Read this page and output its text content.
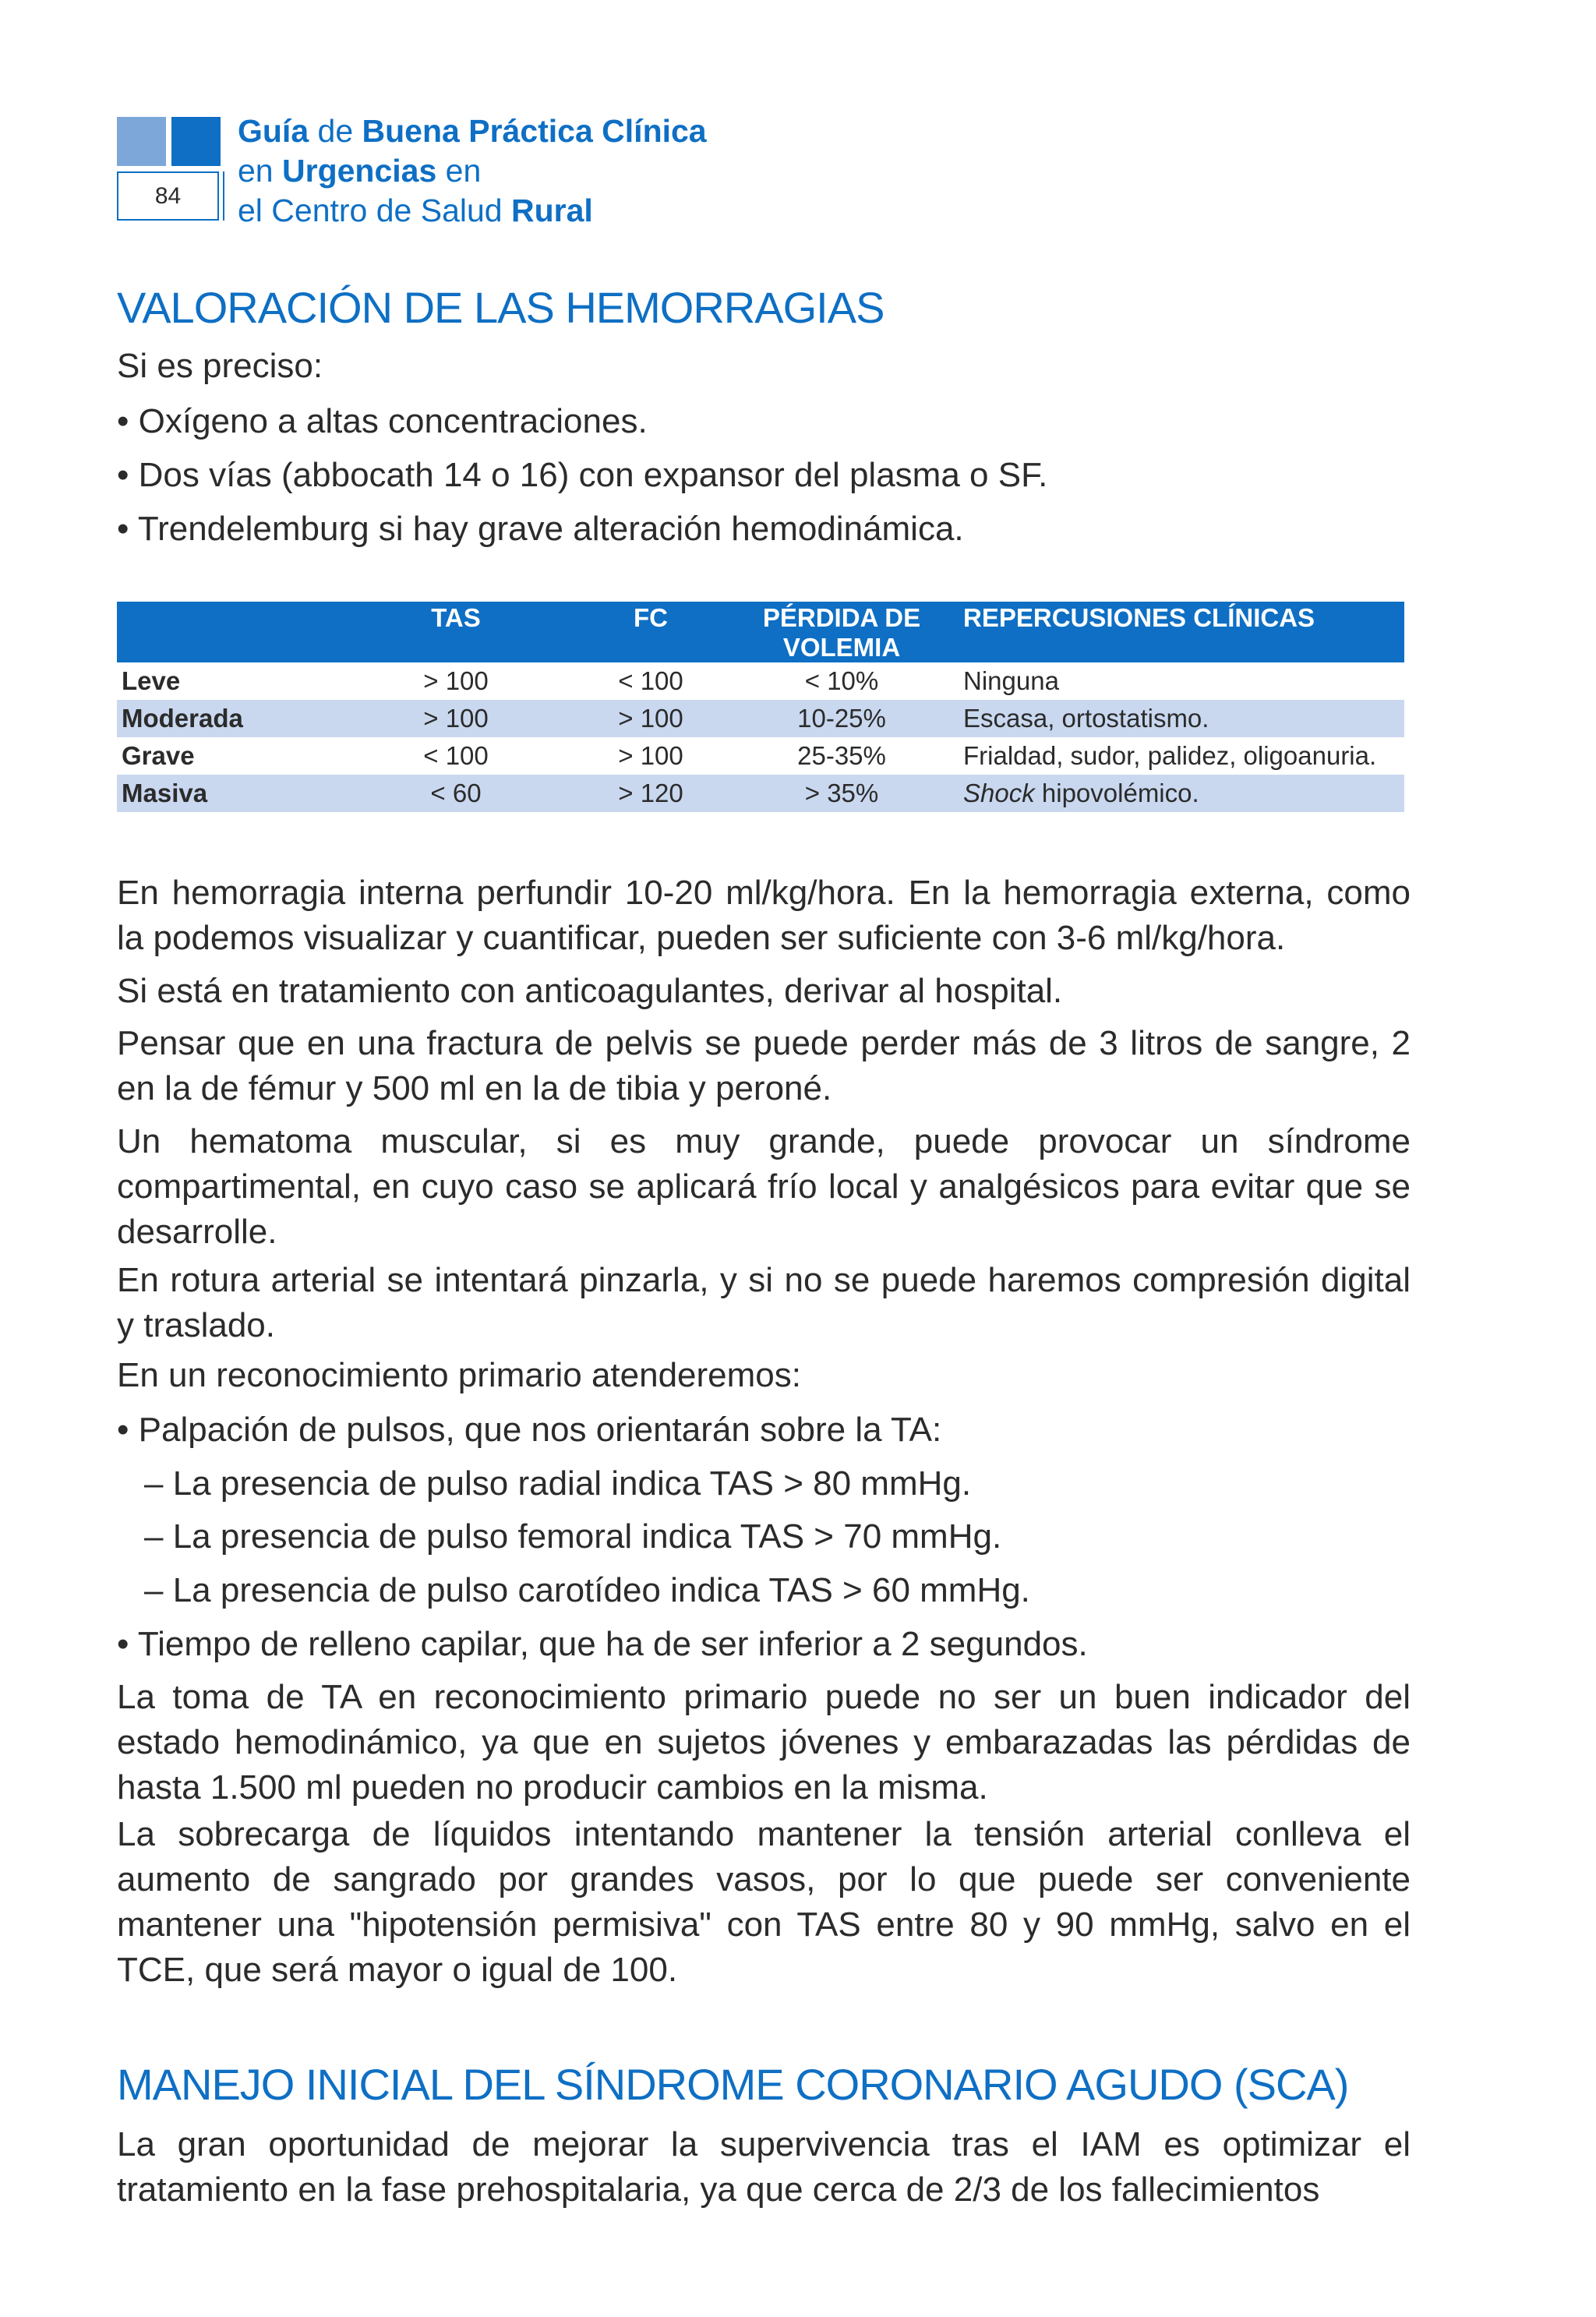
84
Guía de Buena Práctica Clínica
en Urgencias en
el Centro de Salud Rural
VALORACIÓN DE LAS HEMORRAGIAS

Si es preciso:

• Oxígeno a altas concentraciones.

• Dos vías (abbocath 14 o 16) con expansor del plasma o SF.

• Trendelemburg si hay grave alteración hemodinámica.

	TAS	FC	PÉRDIDA DE VOLEMIA	REPERCUSIONES CLÍNICAS
Leve	> 100	< 100	< 10%	Ninguna
Moderada	> 100	> 100	10-25%	Escasa, ortostatismo.
Grave	< 100	> 100	25-35%	Frialdad, sudor, palidez, oligoanuria.
Masiva	< 60	> 120	> 35%	Shock hipovolémico.

En hemorragia interna perfundir 10-20 ml/kg/hora. En la hemorragia externa, como la podemos visualizar y cuantificar, pueden ser suficiente con 3-6 ml/kg/hora.

Si está en tratamiento con anticoagulantes, derivar al hospital.

Pensar que en una fractura de pelvis se puede perder más de 3 litros de sangre, 2 en la de fémur y 500 ml en la de tibia y peroné.

Un hematoma muscular, si es muy grande, puede provocar un síndrome compartimental, en cuyo caso se aplicará frío local y analgésicos para evitar que se desarrolle.

En rotura arterial se intentará pinzarla, y si no se puede haremos compresión digital y traslado.

En un reconocimiento primario atenderemos:

• Palpación de pulsos, que nos orientarán sobre la TA:

– La presencia de pulso radial indica TAS > 80 mmHg.

– La presencia de pulso femoral indica TAS > 70 mmHg.

– La presencia de pulso carotídeo indica TAS > 60 mmHg.

• Tiempo de relleno capilar, que ha de ser inferior a 2 segundos.

La toma de TA en reconocimiento primario puede no ser un buen indicador del estado hemodinámico, ya que en sujetos jóvenes y embarazadas las pérdidas de hasta 1.500 ml pueden no producir cambios en la misma.

La sobrecarga de líquidos intentando mantener la tensión arterial conlleva el aumento de sangrado por grandes vasos, por lo que puede ser conveniente mantener una "hipotensión permisiva" con TAS entre 80 y 90 mmHg, salvo en el TCE, que será mayor o igual de 100.

MANEJO INICIAL DEL SÍNDROME CORONARIO AGUDO (SCA)

La gran oportunidad de mejorar la supervivencia tras el IAM es optimizar el tratamiento en la fase prehospitalaria, ya que cerca de 2/3 de los fallecimientos
